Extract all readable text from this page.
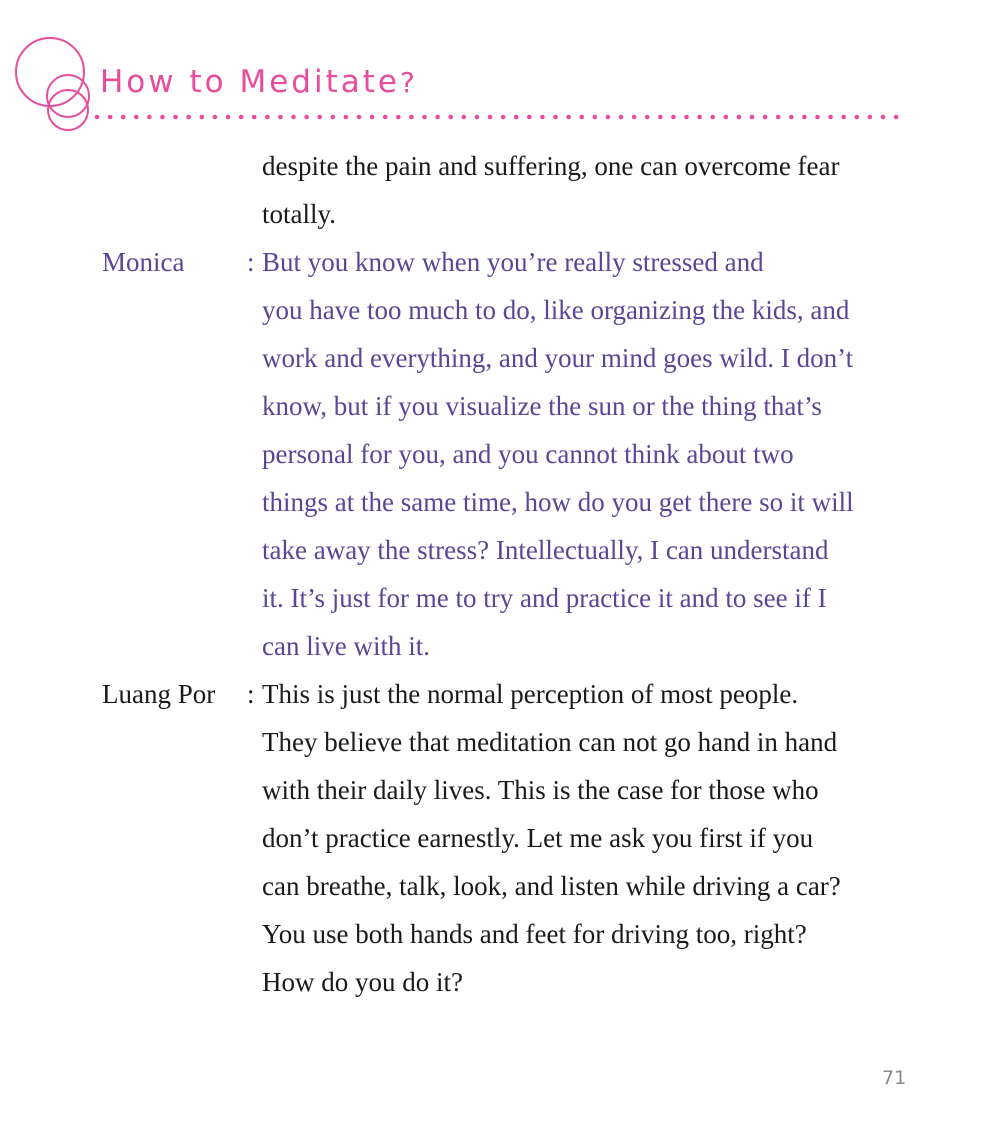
How to Meditate?
despite the pain and suffering, one can overcome fear
totally.
Monica : But you know when you’re really stressed and
you have too much to do, like organizing the kids, and
work and everything, and your mind goes wild. I don’t
know, but if you visualize the sun or the thing that’s
personal for you, and you cannot think about two
things at the same time, how do you get there so it will
take away the stress? Intellectually, I can understand
it. It’s just for me to try and practice it and to see if I
can live with it.
Luang Por : This is just the normal perception of most people.
They believe that meditation can not go hand in hand
with their daily lives. This is the case for those who
don’t practice earnestly. Let me ask you first if you
can breathe, talk, look, and listen while driving a car?
You use both hands and feet for driving too, right?
How do you do it?
71
